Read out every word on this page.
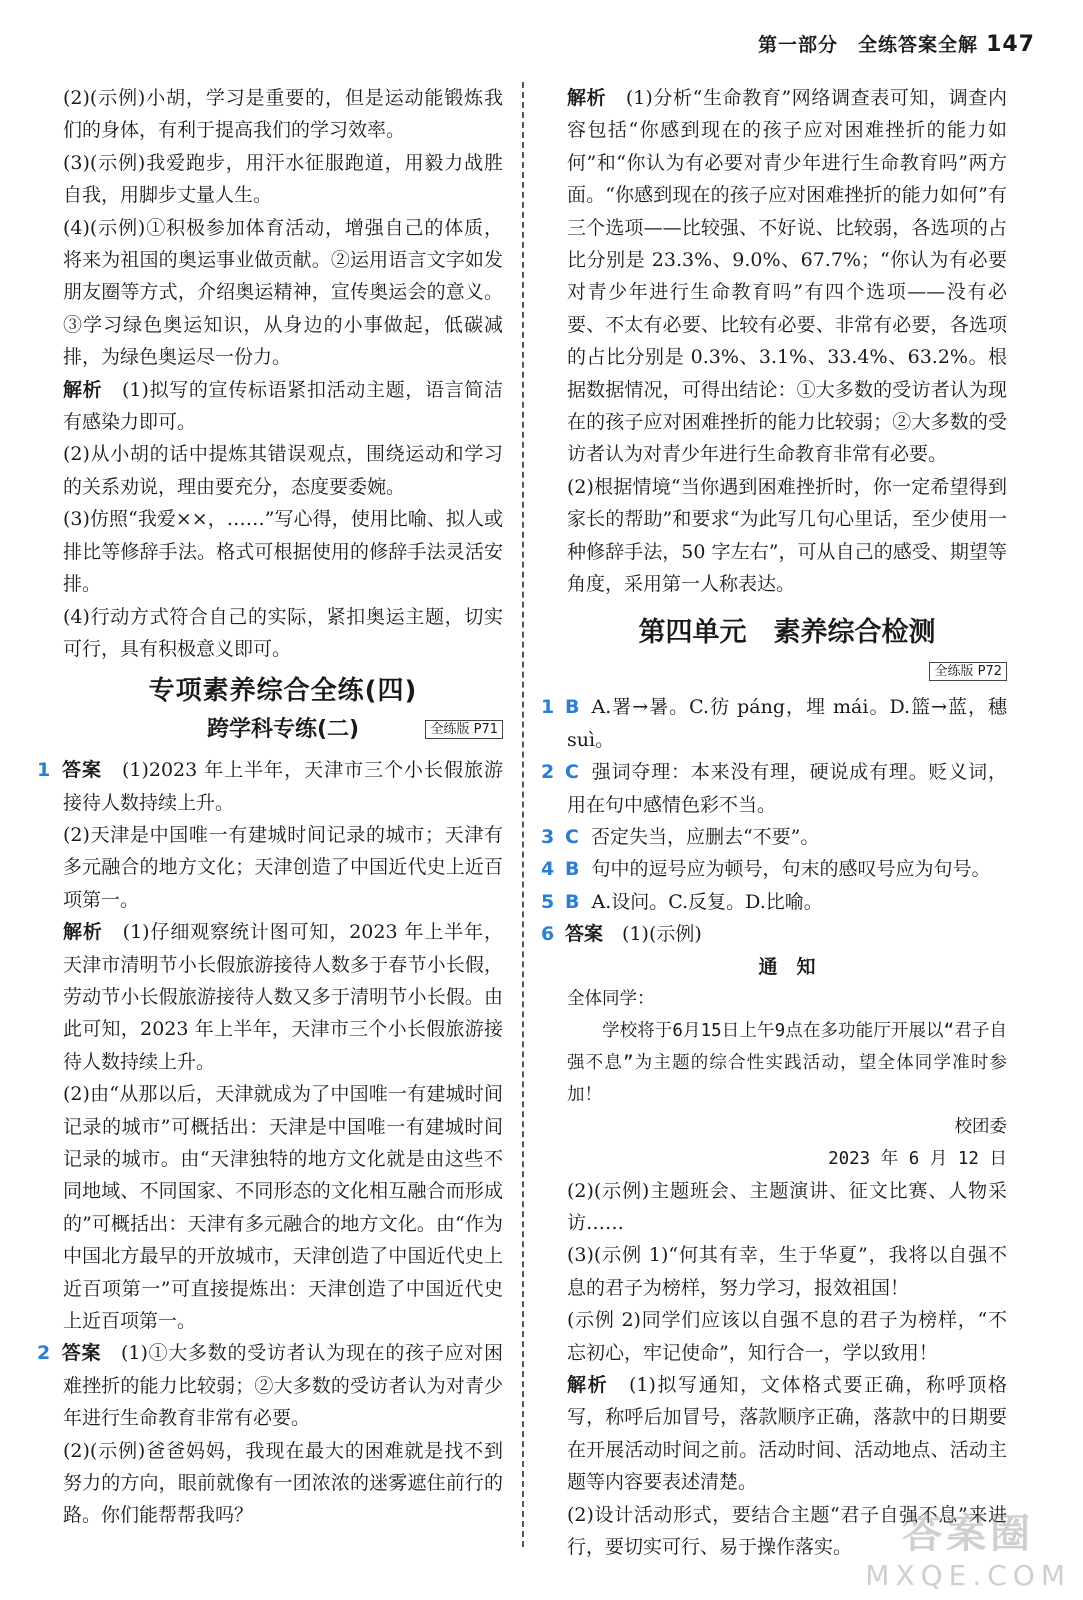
第一部分　全练答案全解 147

(2)(示例)小胡，学习是重要的，但是运动能锻炼我们的身体，有利于提高我们的学习效率。

(3)(示例)我爱跑步，用汗水征服跑道，用毅力战胜自我，用脚步丈量人生。

(4)(示例)①积极参加体育活动，增强自己的体质，将来为祖国的奥运事业做贡献。②运用语言文字如发朋友圈等方式，介绍奥运精神，宣传奥运会的意义。③学习绿色奥运知识，从身边的小事做起，低碳减排，为绿色奥运尽一份力。

解析　 (1)拟写的宣传标语紧扣活动主题，语言简洁有感染力即可。

(2)从小胡的话中提炼其错误观点，围绕运动和学习的关系劝说，理由要充分，态度要委婉。

(3)仿照“我爱××，……”写心得，使用比喻、拟人或排比等修辞手法。格式可根据使用的修辞手法灵活安排。

(4)行动方式符合自己的实际，紧扣奥运主题，切实可行，具有积极意义即可。

专项素养综合全练(四)
跨学科专练(二)	全练版 P71

1 答案　 (1)2023 年上半年，天津市三个小长假旅游接待人数持续上升。

(2)天津是中国唯一有建城时间记录的城市；天津有多元融合的地方文化；天津创造了中国近代史上近百项第一。

解析　 (1)仔细观察统计图可知，2023 年上半年，天津市清明节小长假旅游接待人数多于春节小长假，劳动节小长假旅游接待人数又多于清明节小长假。由此可知，2023 年上半年，天津市三个小长假旅游接待人数持续上升。

(2)由“从那以后，天津就成为了中国唯一有建城时间记录的城市”可概括出：天津是中国唯一有建城时间记录的城市。由“天津独特的地方文化就是由这些不同地域、不同国家、不同形态的文化相互融合而形成的”可概括出：天津有多元融合的地方文化。由“作为中国北方最早的开放城市，天津创造了中国近代史上近百项第一”可直接提炼出：天津创造了中国近代史上近百项第一。

2 答案　 (1)①大多数的受访者认为现在的孩子应对困难挫折的能力比较弱；②大多数的受访者认为对青少年进行生命教育非常有必要。

(2)(示例)爸爸妈妈，我现在最大的困难就是找不到努力的方向，眼前就像有一团浓浓的迷雾遮住前行的路。你们能帮帮我吗？

解析　 (1)分析“生命教育”网络调查表可知，调查内容包括“你感到现在的孩子应对困难挫折的能力如何”和“你认为有必要对青少年进行生命教育吗”两方面。“你感到现在的孩子应对困难挫折的能力如何”有三个选项——比较强、不好说、比较弱，各选项的占比分别是 23.3%、9.0%、67.7%；“你认为有必要对青少年进行生命教育吗”有四个选项——没有必要、不太有必要、比较有必要、非常有必要，各选项的占比分别是 0.3%、3.1%、33.4%、63.2%。根据数据情况，可得出结论：①大多数的受访者认为现在的孩子应对困难挫折的能力比较弱；②大多数的受访者认为对青少年进行生命教育非常有必要。

(2)根据情境“当你遇到困难挫折时，你一定希望得到家长的帮助”和要求“为此写几句心里话，至少使用一种修辞手法，50 字左右”，可从自己的感受、期望等角度，采用第一人称表达。

第四单元　素养综合检测
全练版 P72

1 B A.署→暑。C.彷 páng，埋 mái。D.篮→蓝，穗 suì。

2 C 强词夺理：本来没有理，硬说成有理。贬义词，用在句中感情色彩不当。

3 C 否定失当，应删去“不要”。

4 B 句中的逗号应为顿号，句末的感叹号应为句号。

5 B A.设问。C.反复。D.比喻。

6 答案　 (1)(示例)

通　知

全体同学：

学校将于6月15日上午9点在多功能厅开展以“君子自强不息”为主题的综合性实践活动，望全体同学准时参加！

校团委

2023 年 6 月 12 日

(2)(示例)主题班会、主题演讲、征文比赛、人物采访……

(3)(示例 1)“何其有幸，生于华夏”，我将以自强不息的君子为榜样，努力学习，报效祖国！

(示例 2)同学们应该以自强不息的君子为榜样，“不忘初心，牢记使命”，知行合一，学以致用！

解析　 (1)拟写通知，文体格式要正确，称呼顶格写，称呼后加冒号，落款顺序正确，落款中的日期要在开展活动时间之前。活动时间、活动地点、活动主题等内容要表述清楚。

(2)设计活动形式，要结合主题“君子自强不息”来进行，要切实可行、易于操作落实。	答案圈
MXQE.COM
